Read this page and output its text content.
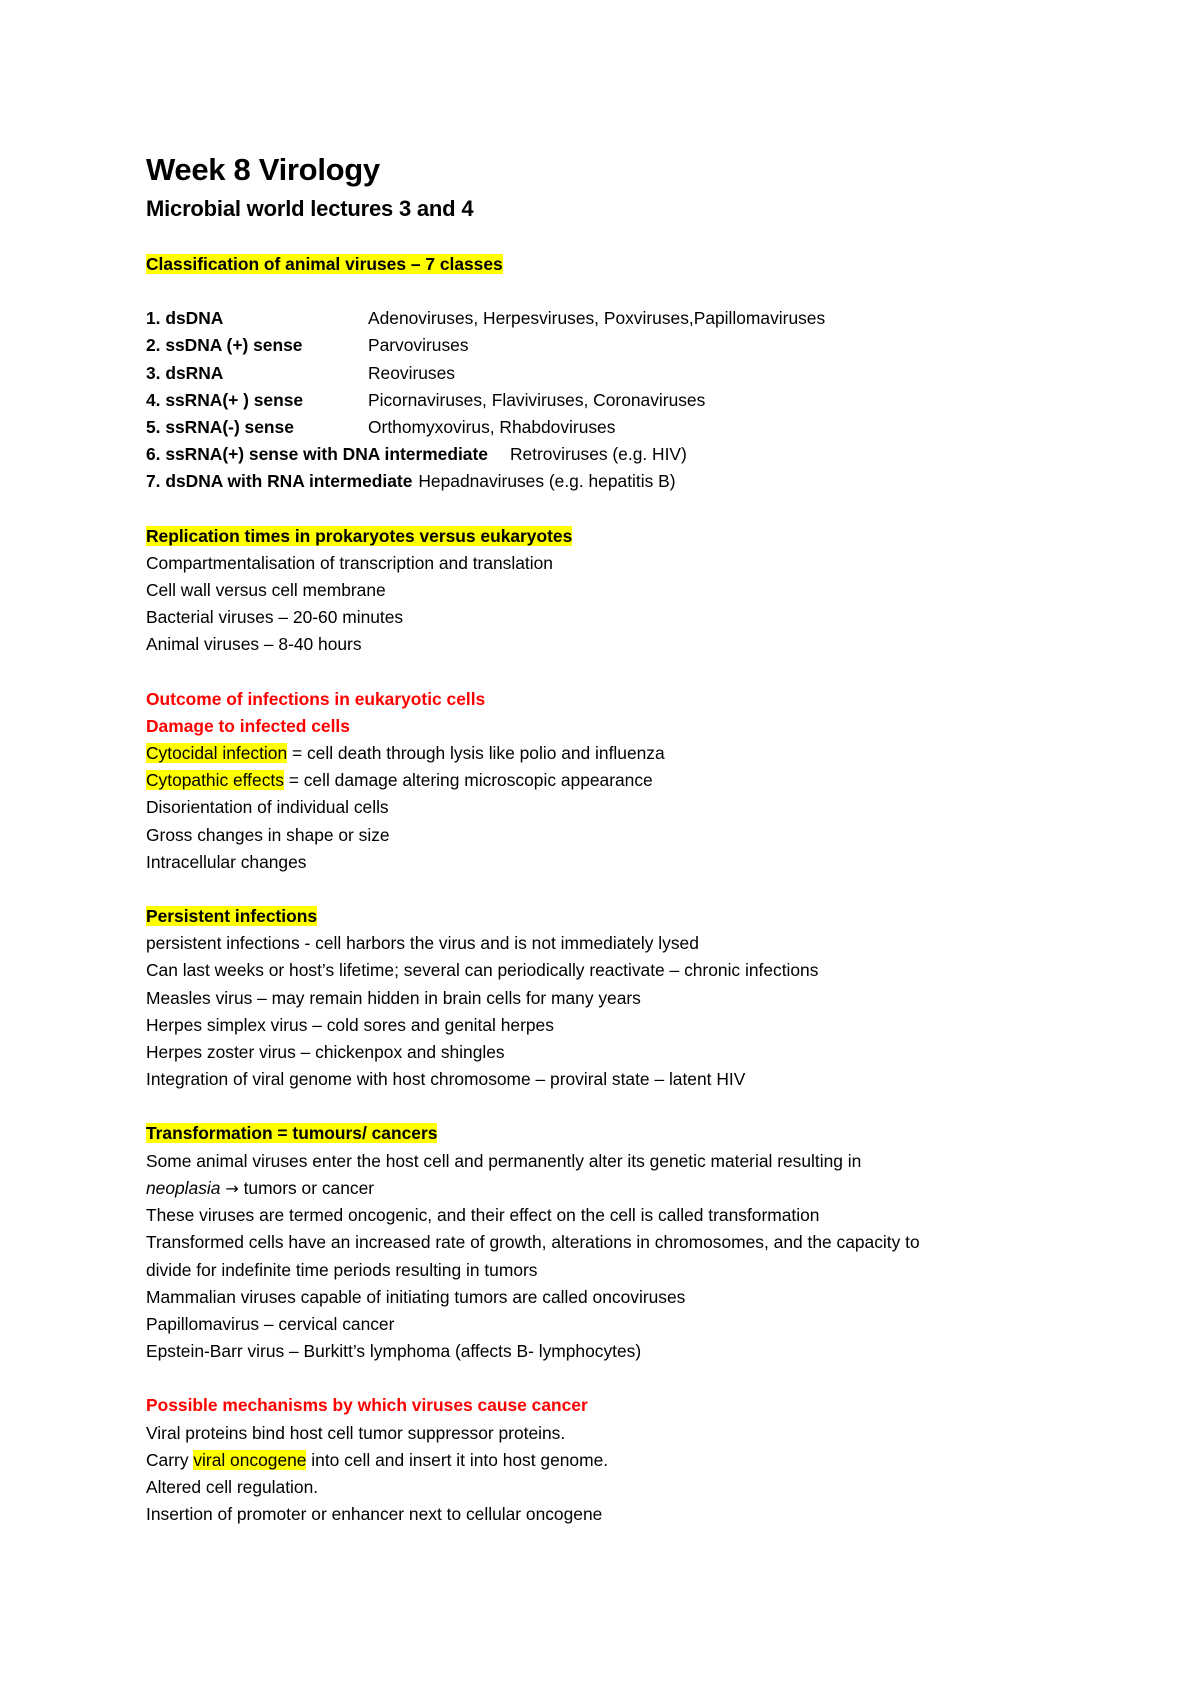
Week 8 Virology
Microbial world lectures 3 and 4
Classification of animal viruses – 7 classes
1. dsDNA	Adenoviruses, Herpesviruses, Poxviruses,Papillomaviruses
2. ssDNA (+) sense	Parvoviruses
3. dsRNA	Reoviruses
4. ssRNA(+ ) sense	Picornaviruses, Flaviviruses, Coronaviruses
5. ssRNA(-) sense	Orthomyxovirus, Rhabdoviruses
6. ssRNA(+) sense with DNA intermediate Retroviruses (e.g. HIV)
7. dsDNA with RNA intermediate Hepadnaviruses (e.g. hepatitis B)
Replication times in prokaryotes versus eukaryotes
Compartmentalisation of transcription and translation
Cell wall versus cell membrane
Bacterial viruses – 20-60 minutes
Animal viruses – 8-40 hours
Outcome of infections in eukaryotic cells
Damage to infected cells
Cytocidal infection = cell death through lysis like polio and influenza
Cytopathic effects = cell damage altering microscopic appearance
Disorientation of individual cells
Gross changes in shape or size
Intracellular changes
Persistent infections
persistent infections - cell harbors the virus and is not immediately lysed
Can last weeks or host’s lifetime; several can periodically reactivate – chronic infections
Measles virus – may remain hidden in brain cells for many years
Herpes simplex virus – cold sores and genital herpes
Herpes zoster virus – chickenpox and shingles
Integration of viral genome with host chromosome – proviral state – latent HIV
Transformation = tumours/ cancers
Some animal viruses enter the host cell and permanently alter its genetic material resulting in
neoplasia → tumors or cancer
These viruses are termed oncogenic, and their effect on the cell is called transformation
Transformed cells have an increased rate of growth, alterations in chromosomes, and the capacity to
divide for indefinite time periods resulting in tumors
Mammalian viruses capable of initiating tumors are called oncoviruses
Papillomavirus – cervical cancer
Epstein-Barr virus – Burkitt’s lymphoma (affects B- lymphocytes)
Possible mechanisms by which viruses cause cancer
Viral proteins bind host cell tumor suppressor proteins.
Carry viral oncogene into cell and insert it into host genome.
Altered cell regulation.
Insertion of promoter or enhancer next to cellular oncogene
